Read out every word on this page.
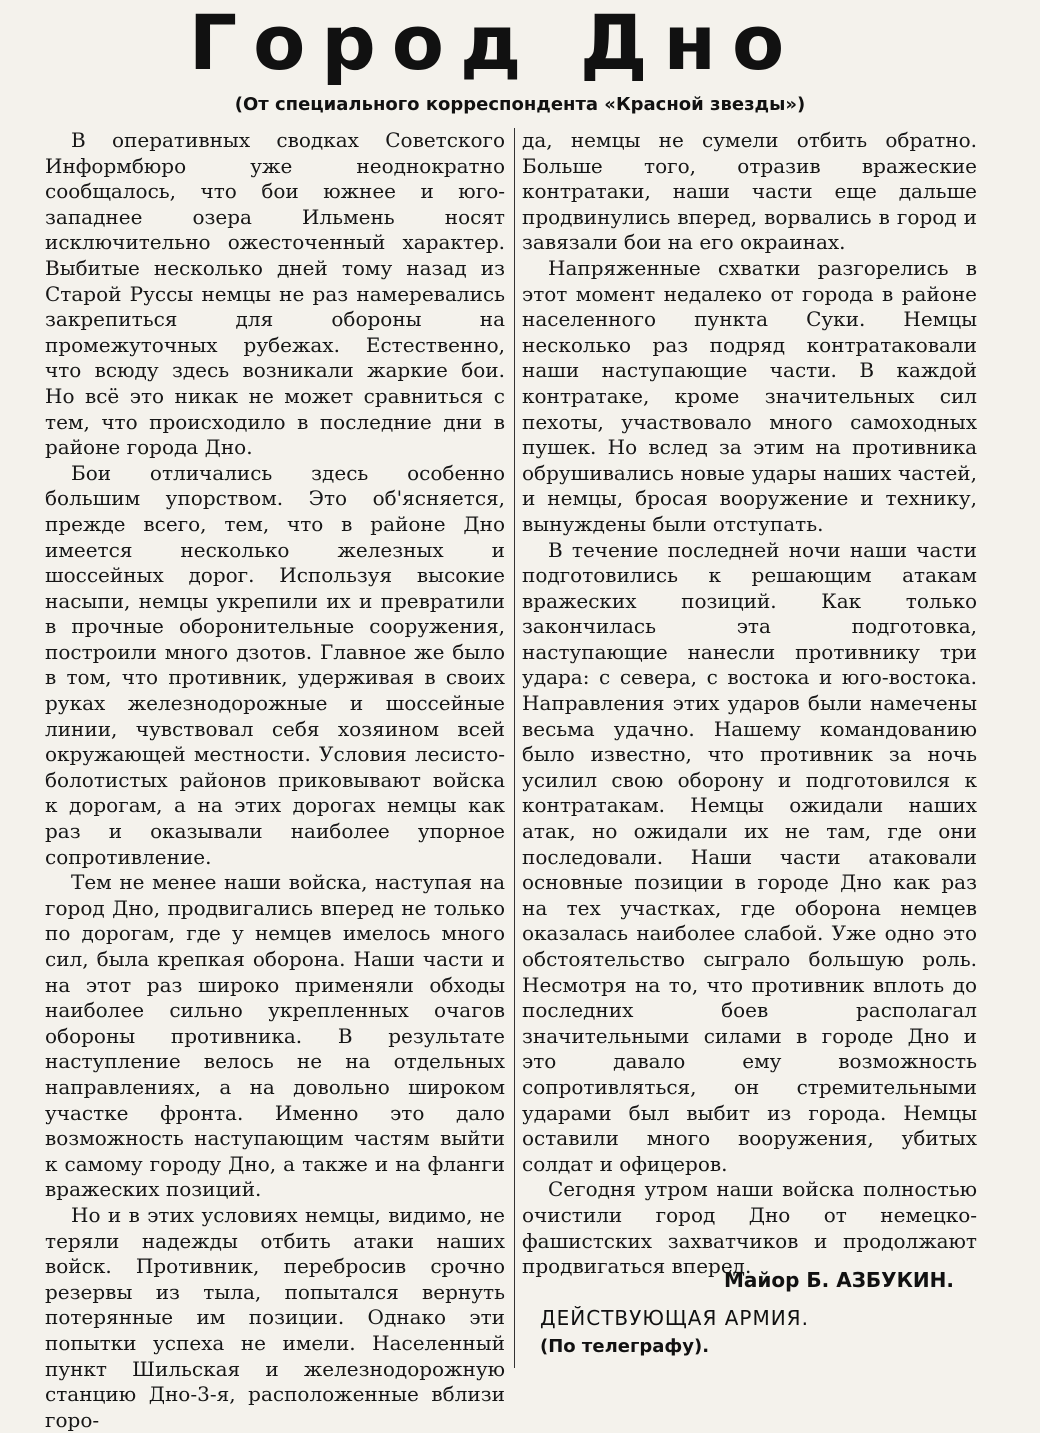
Город Дно
(От специального корреспондента «Красной звезды»)

В оперативных сводках Советского Информбюро уже неоднократно сообщалось, что бои южнее и юго-западнее озера Ильмень носят исключительно ожесточенный характер. Выбитые несколько дней тому назад из Старой Руссы немцы не раз намеревались закрепиться для обороны на промежуточных рубежах. Естественно, что всюду здесь возникали жаркие бои. Но всё это никак не может сравниться с тем, что происходило в последние дни в районе города Дно.

Бои отличались здесь особенно большим упорством. Это об'ясняется, прежде всего, тем, что в районе Дно имеется несколько железных и шоссейных дорог. Используя высокие насыпи, немцы укрепили их и превратили в прочные оборонительные сооружения, построили много дзотов. Главное же было в том, что противник, удерживая в своих руках железнодорожные и шоссейные линии, чувствовал себя хозяином всей окружающей местности. Условия лесисто-болотистых районов приковывают войска к дорогам, а на этих дорогах немцы как раз и оказывали наиболее упорное сопротивление.

Тем не менее наши войска, наступая на город Дно, продвигались вперед не только по дорогам, где у немцев имелось много сил, была крепкая оборона. Наши части и на этот раз широко применяли обходы наиболее сильно укрепленных очагов обороны противника. В результате наступление велось не на отдельных направлениях, а на довольно широком участке фронта. Именно это дало возможность наступающим частям выйти к самому городу Дно, а также и на фланги вражеских позиций.

Но и в этих условиях немцы, видимо, не теряли надежды отбить атаки наших войск. Противник, перебросив срочно резервы из тыла, попытался вернуть потерянные им позиции. Однако эти попытки успеха не имели. Населенный пункт Шильская и железнодорожную станцию Дно-3-я, расположенные вблизи горо-

да, немцы не сумели отбить обратно. Больше того, отразив вражеские контратаки, наши части еще дальше продвинулись вперед, ворвались в город и завязали бои на его окраинах.

Напряженные схватки разгорелись в этот момент недалеко от города в районе населенного пункта Суки. Немцы несколько раз подряд контратаковали наши наступающие части. В каждой контратаке, кроме значительных сил пехоты, участвовало много самоходных пушек. Но вслед за этим на противника обрушивались новые удары наших частей, и немцы, бросая вооружение и технику, вынуждены были отступать.

В течение последней ночи наши части подготовились к решающим атакам вражеских позиций. Как только закончилась эта подготовка, наступающие нанесли противнику три удара: с севера, с востока и юго-востока. Направления этих ударов были намечены весьма удачно. Нашему командованию было известно, что противник за ночь усилил свою оборону и подготовился к контратакам. Немцы ожидали наших атак, но ожидали их не там, где они последовали. Наши части атаковали основные позиции в городе Дно как раз на тех участках, где оборона немцев оказалась наиболее слабой. Уже одно это обстоятельство сыграло большую роль. Несмотря на то, что противник вплоть до последних боев располагал значительными силами в городе Дно и это давало ему возможность сопротивляться, он стремительными ударами был выбит из города. Немцы оставили много вооружения, убитых солдат и офицеров.

Сегодня утром наши войска полностью очистили город Дно от немецко-фашистских захватчиков и продолжают продвигаться вперед.

Майор Б. АЗБУКИН.
ДЕЙСТВУЮЩАЯ АРМИЯ.
(По телеграфу).
